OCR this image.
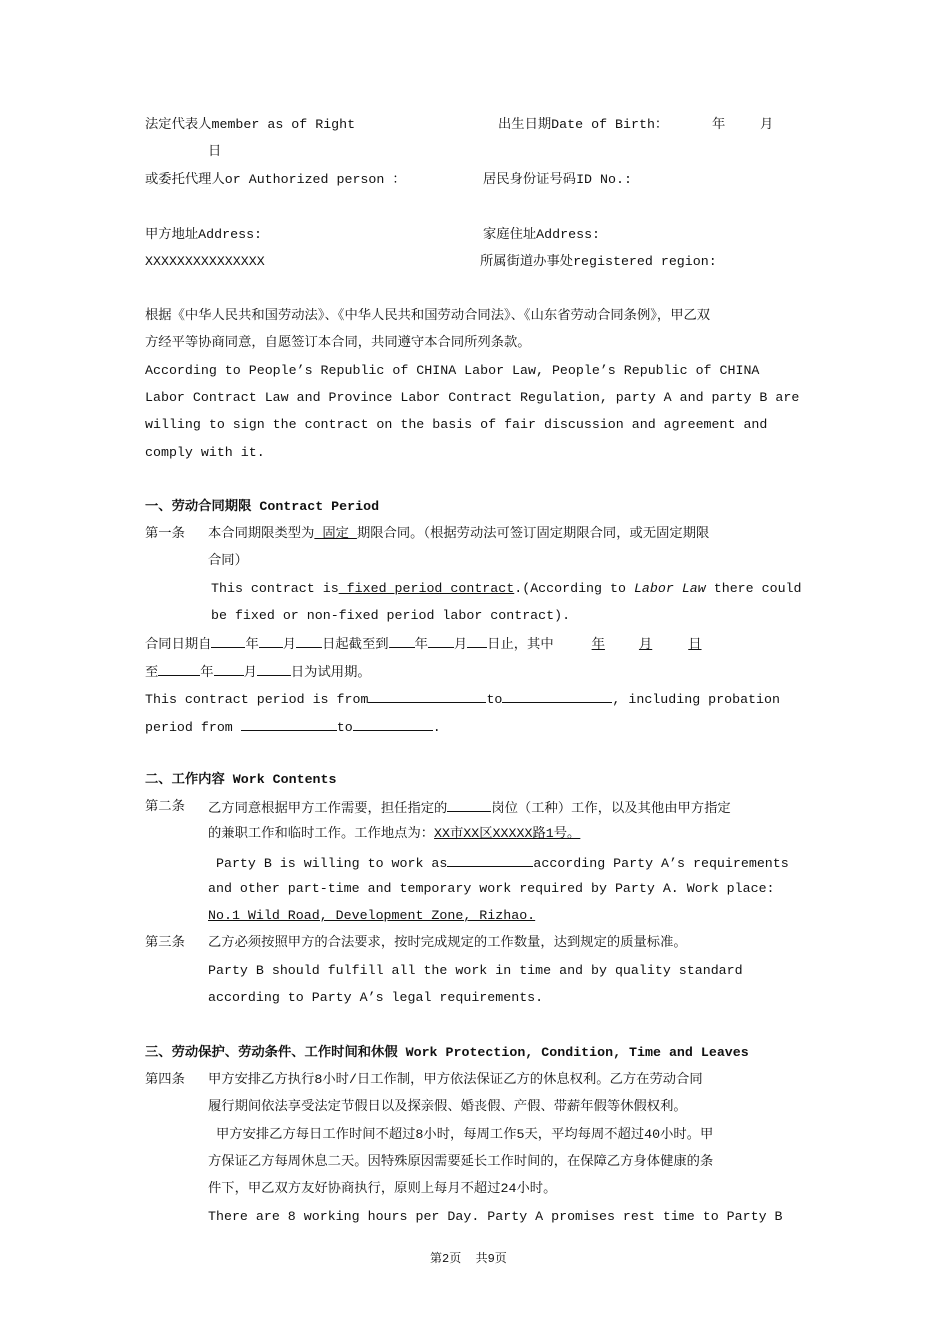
法定代表人member as of Right	出生日期Date of Birth：	年	月
日
或委托代理人or Authorized person ：	居民身份证号码ID No.:
甲方地址Address:	家庭住址Address:
XXXXXXXXXXXXXXX	所属街道办事处registered region:
根据《中华人民共和国劳动法》、《中华人民共和国劳动合同法》、《山东省劳动合同条例》，甲乙双
方经平等协商同意，自愿签订本合同，共同遵守本合同所列条款。
According to People’s Republic of CHINA Labor Law, People’s Republic of CHINA
Labor Contract Law and Province Labor Contract Regulation, party A and party B are
willing to sign the contract on the basis of fair discussion and agreement and
comply with it.
一、劳动合同期限 Contract Period
第一条 本合同期限类型为 固定 期限合同。（根据劳动法可签订固定期限合同，或无固定期限
合同）
This contract is fixed period contract.(According to Labor Law there could
be fixed or non-fixed period labor contract).
合同日期自	年 月 日起截至到 年 月 日止，其中	年	月	日
至	年 月	日为试用期。
This contract period is from	to	, including probation
period from	to	.
二、工作内容 Work Contents
第二条 乙方同意根据甲方工作需要，担任指定的	岗位（工种）工作，以及其他由甲方指定
的兼职工作和临时工作。工作地点为：XX市XX区XXXXX路1号。
Party B is willing to work as	according Party A’s requirements
and other part-time and temporary work required by Party A. Work place:
No.1 Wild Road, Development Zone, Rizhao.
第三条 乙方必须按照甲方的合法要求，按时完成规定的工作数量，达到规定的质量标准。
Party B should fulfill all the work in time and by quality standard
according to Party A’s legal requirements.
三、劳动保护、劳动条件、工作时间和休假 Work Protection, Condition, Time and Leaves
第四条 甲方安排乙方执行8小时/日工作制，甲方依法保证乙方的休息权利。乙方在劳动合同
履行期间依法享受法定节假日以及探亲假、婚丧假、产假、带薪年假等休假权利。
甲方安排乙方每日工作时间不超过8小时，每周工作5天，平均每周不超过40小时。甲
方保证乙方每周休息二天。因特殊原因需要延长工作时间的，在保障乙方身体健康的条
件下，甲乙双方友好协商执行，原则上每月不超过24小时。
There are 8 working hours per Day. Party A promises rest time to Party B
第2页  共9页
